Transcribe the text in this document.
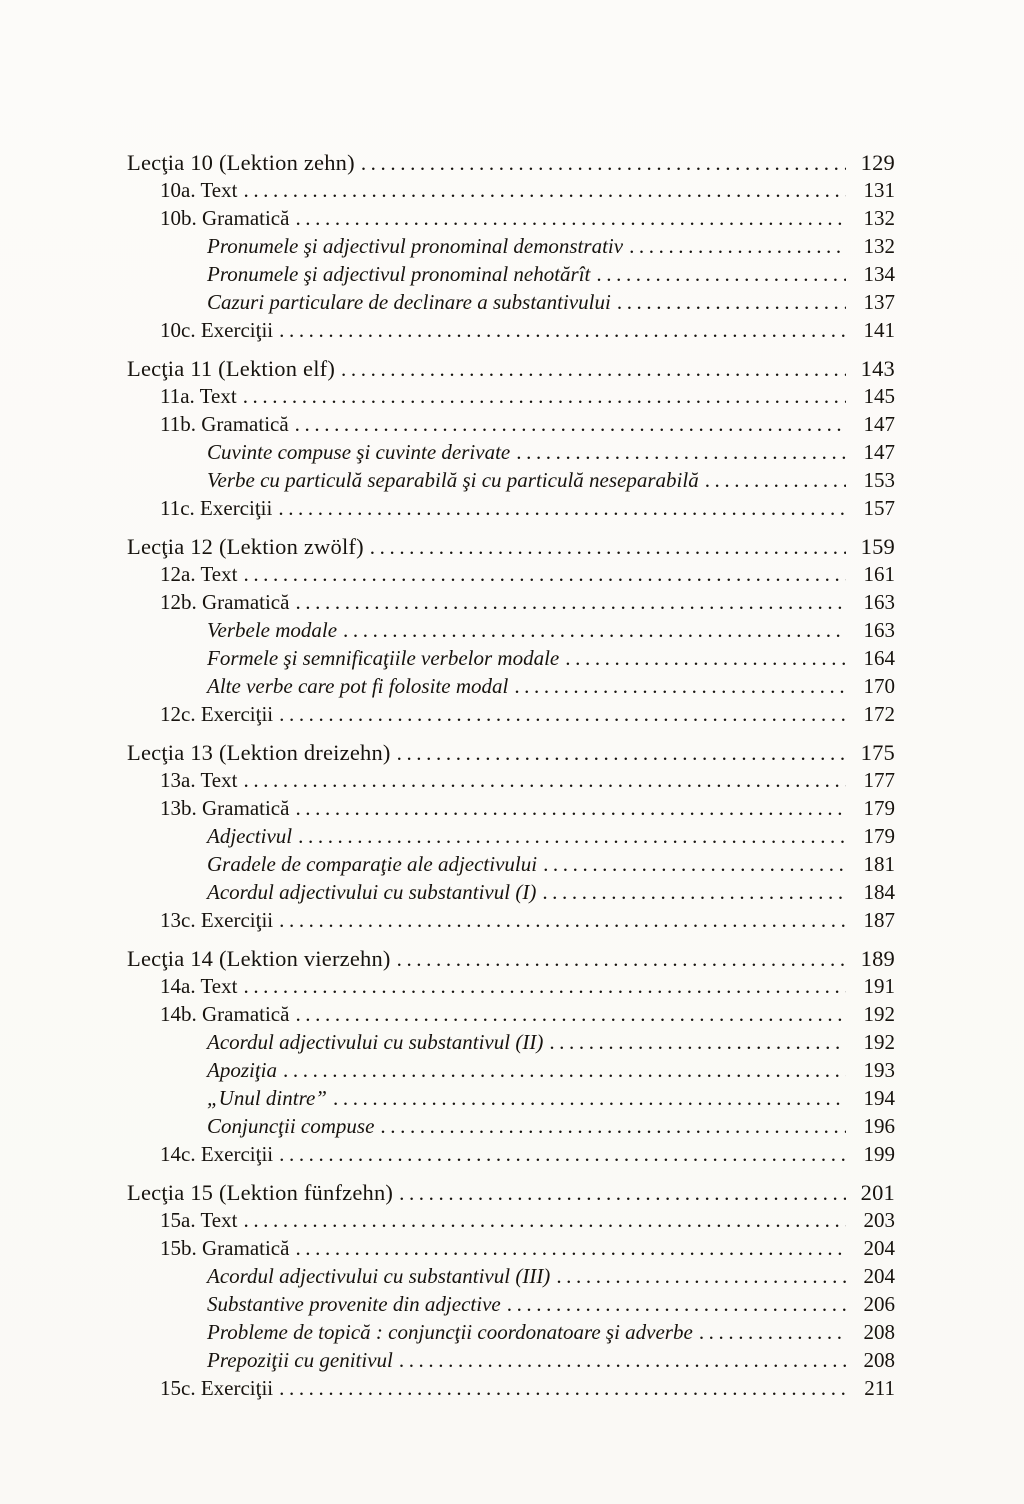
Lecţia 10 (Lektion zehn) .....	129
10a. Text .....	131
10b. Gramatică .....	132
Pronumele şi adjectivul pronominal demonstrativ .....	132
Pronumele şi adjectivul pronominal nehotărît .....	134
Cazuri particulare de declinare a substantivului .....	137
10c. Exerciţii .....	141
Lecţia 11 (Lektion elf) .....	143
11a. Text .....	145
11b. Gramatică .....	147
Cuvinte compuse şi cuvinte derivate .....	147
Verbe cu particulă separabilă şi cu particulă neseparabilă .....	153
11c. Exerciţii .....	157
Lecţia 12 (Lektion zwölf) .....	159
12a. Text .....	161
12b. Gramatică .....	163
Verbele modale .....	163
Formele şi semnificaţiile verbelor modale .....	164
Alte verbe care pot fi folosite modal .....	170
12c. Exerciţii .....	172
Lecţia 13 (Lektion dreizehn) .....	175
13a. Text .....	177
13b. Gramatică .....	179
Adjectivul .....	179
Gradele de comparaţie ale adjectivului .....	181
Acordul adjectivului cu substantivul (I) .....	184
13c. Exerciţii .....	187
Lecţia 14 (Lektion vierzehn) .....	189
14a. Text .....	191
14b. Gramatică .....	192
Acordul adjectivului cu substantivul (II) .....	192
Apoziţia .....	193
„Unul dintre” .....	194
Conjuncţii compuse .....	196
14c. Exerciţii .....	199
Lecţia 15 (Lektion fünfzehn) .....	201
15a. Text .....	203
15b. Gramatică .....	204
Acordul adjectivului cu substantivul (III) .....	204
Substantive provenite din adjective .....	206
Probleme de topică : conjuncţii coordonatoare şi adverbe .....	208
Prepoziţii cu genitivul .....	208
15c. Exerciţii .....	211
